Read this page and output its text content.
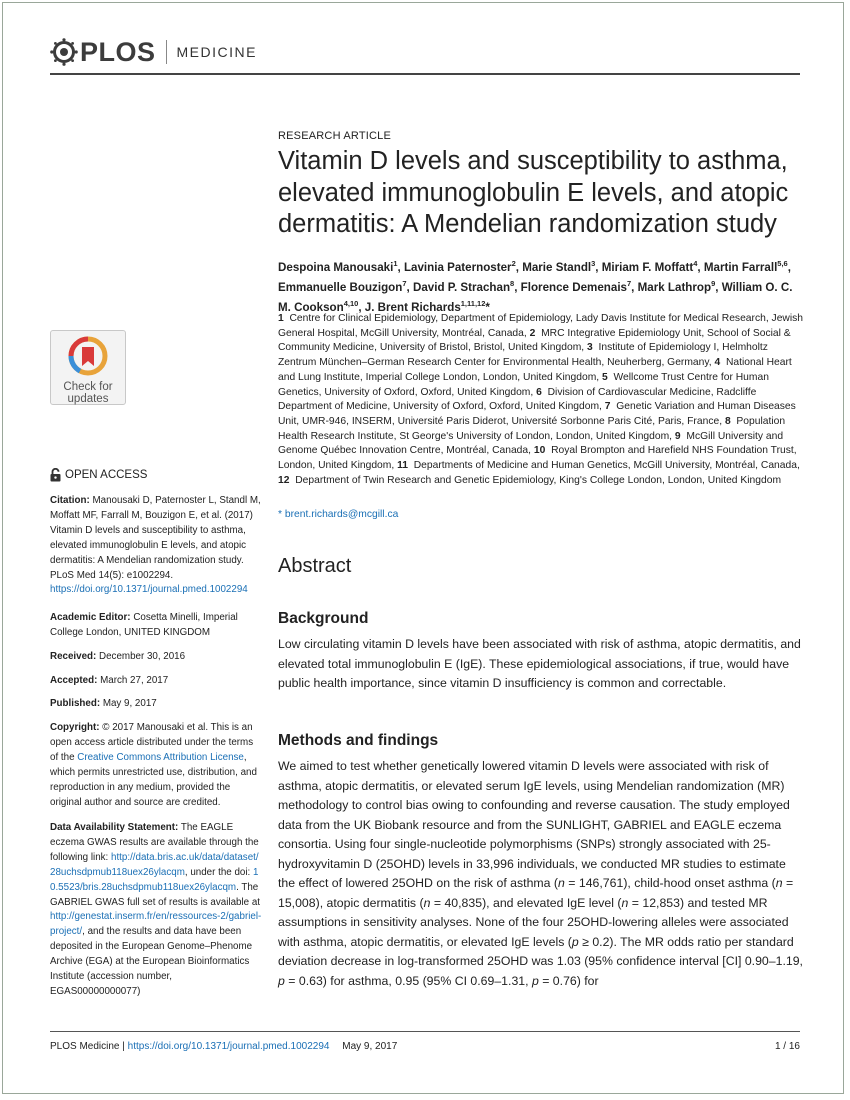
PLOS MEDICINE
Check for
updates
OPEN ACCESS
Citation: Manousaki D, Paternoster L, Standl M, Moffatt MF, Farrall M, Bouzigon E, et al. (2017) Vitamin D levels and susceptibility to asthma, elevated immunoglobulin E levels, and atopic dermatitis: A Mendelian randomization study. PLoS Med 14(5): e1002294. https://doi.org/10.1371/journal.pmed.1002294
Academic Editor: Cosetta Minelli, Imperial College London, UNITED KINGDOM
Received: December 30, 2016
Accepted: March 27, 2017
Published: May 9, 2017
Copyright: © 2017 Manousaki et al. This is an open access article distributed under the terms of the Creative Commons Attribution License, which permits unrestricted use, distribution, and reproduction in any medium, provided the original author and source are credited.
Data Availability Statement: The EAGLE eczema GWAS results are available through the following link: http://data.bris.ac.uk/data/dataset/28uchsdpmub118uex26ylacqm, under the doi: 10.5523/bris.28uchsdpmub118uex26ylacqm. The GABRIEL GWAS full set of results is available at http://genestat.inserm.fr/en/ressources-2/gabriel-project/, and the results and data have been deposited in the European Genome–Phenome Archive (EGA) at the European Bioinformatics Institute (accession number, EGAS00000000077)
RESEARCH ARTICLE
Vitamin D levels and susceptibility to asthma, elevated immunoglobulin E levels, and atopic dermatitis: A Mendelian randomization study
Despoina Manousaki$^1$, Lavinia Paternoster$^2$, Marie Standl$^3$, Miriam F. Moffatt$^4$, Martin Farrall$^{5,6}$, Emmanuelle Bouzigon$^7$, David P. Strachan$^8$, Florence Demenais$^7$, Mark Lathrop$^9$, William O. C. M. Cookson$^{4,10}$, J. Brent Richards$^{1,11,12}$*
1 Centre for Clinical Epidemiology, Department of Epidemiology, Lady Davis Institute for Medical Research, Jewish General Hospital, McGill University, Montréal, Canada, 2 MRC Integrative Epidemiology Unit, School of Social & Community Medicine, University of Bristol, Bristol, United Kingdom, 3 Institute of Epidemiology I, Helmholtz Zentrum München–German Research Center for Environmental Health, Neuherberg, Germany, 4 National Heart and Lung Institute, Imperial College London, London, United Kingdom, 5 Wellcome Trust Centre for Human Genetics, University of Oxford, Oxford, United Kingdom, 6 Division of Cardiovascular Medicine, Radcliffe Department of Medicine, University of Oxford, Oxford, United Kingdom, 7 Genetic Variation and Human Diseases Unit, UMR-946, INSERM, Université Paris Diderot, Université Sorbonne Paris Cité, Paris, France, 8 Population Health Research Institute, St George's University of London, London, United Kingdom, 9 McGill University and Genome Québec Innovation Centre, Montréal, Canada, 10 Royal Brompton and Harefield NHS Foundation Trust, London, United Kingdom, 11 Departments of Medicine and Human Genetics, McGill University, Montréal, Canada, 12 Department of Twin Research and Genetic Epidemiology, King's College London, London, United Kingdom
* brent.richards@mcgill.ca
Abstract
Background
Low circulating vitamin D levels have been associated with risk of asthma, atopic dermatitis, and elevated total immunoglobulin E (IgE). These epidemiological associations, if true, would have public health importance, since vitamin D insufficiency is common and correctable.
Methods and findings
We aimed to test whether genetically lowered vitamin D levels were associated with risk of asthma, atopic dermatitis, or elevated serum IgE levels, using Mendelian randomization (MR) methodology to control bias owing to confounding and reverse causation. The study employed data from the UK Biobank resource and from the SUNLIGHT, GABRIEL and EAGLE eczema consortia. Using four single-nucleotide polymorphisms (SNPs) strongly associated with 25-hydroxyvitamin D (25OHD) levels in 33,996 individuals, we conducted MR studies to estimate the effect of lowered 25OHD on the risk of asthma (n = 146,761), child-hood onset asthma (n = 15,008), atopic dermatitis (n = 40,835), and elevated IgE level (n = 12,853) and tested MR assumptions in sensitivity analyses. None of the four 25OHD-lowering alleles were associated with asthma, atopic dermatitis, or elevated IgE levels (p ≥ 0.2). The MR odds ratio per standard deviation decrease in log-transformed 25OHD was 1.03 (95% confidence interval [CI] 0.90–1.19, p = 0.63) for asthma, 0.95 (95% CI 0.69–1.31, p = 0.76) for
PLOS Medicine | https://doi.org/10.1371/journal.pmed.1002294 May 9, 2017	1 / 16
